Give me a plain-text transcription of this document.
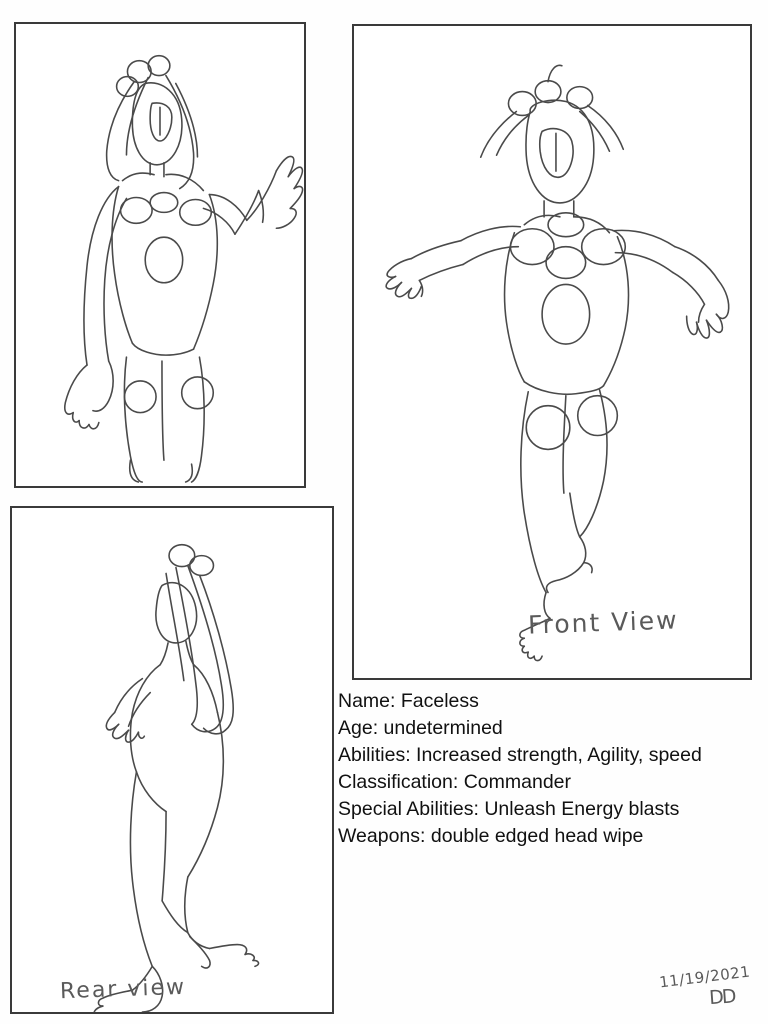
Front View
Rear view
Name: Faceless
Age: undetermined
Abilities: Increased strength, Agility, speed
Classification: Commander
Special Abilities: Unleash Energy blasts
Weapons: double edged head wipe
11/19/2021
DD
